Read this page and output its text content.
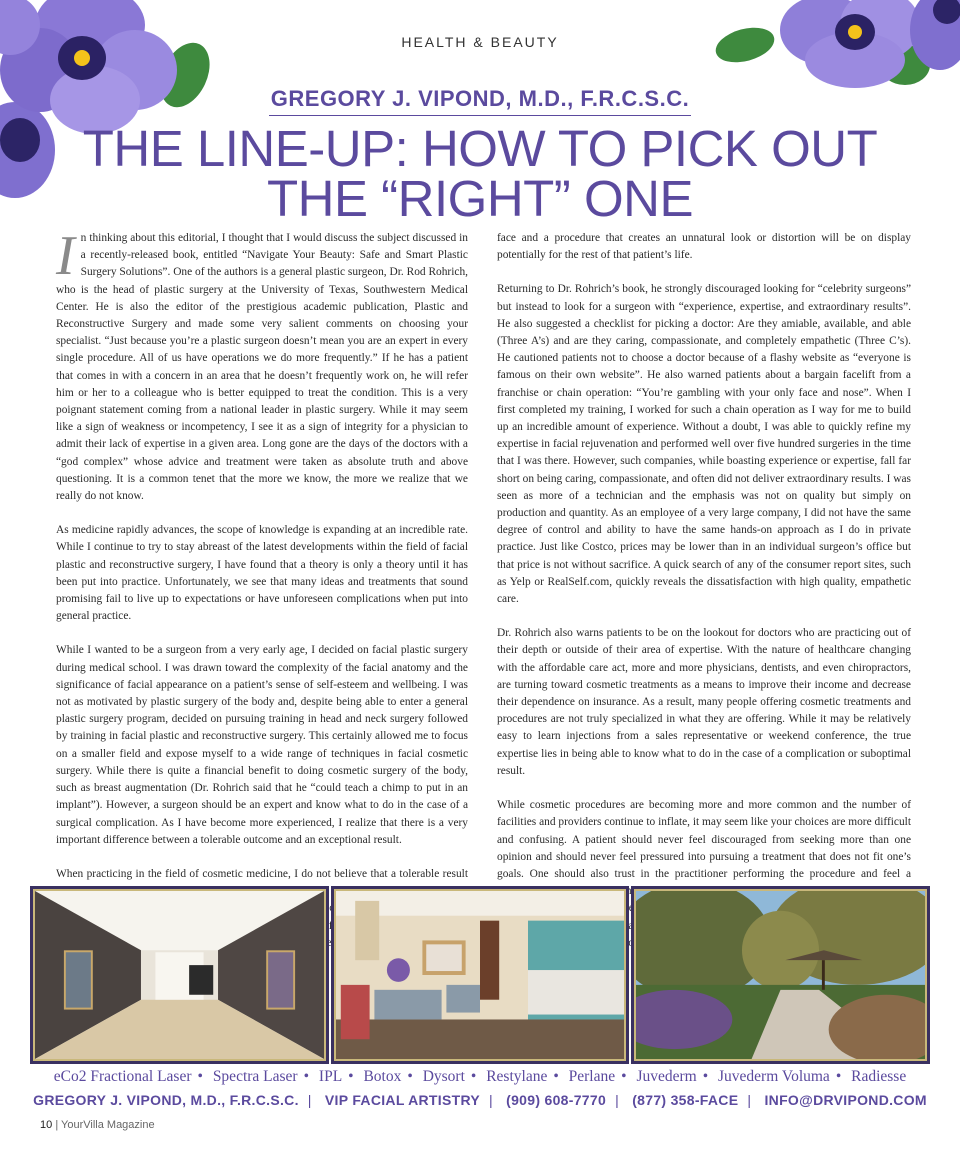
HEALTH & BEAUTY
GREGORY J. VIPOND, M.D., F.R.C.S.C.
THE LINE-UP: HOW TO PICK OUT
THE “RIGHT” ONE

In thinking about this editorial, I thought that I would discuss the subject discussed in a recently-released book, entitled “Navigate Your Beauty: Safe and Smart Plastic Surgery Solutions”. One of the authors is a general plastic surgeon, Dr. Rod Rohrich, who is the head of plastic surgery at the University of Texas, Southwestern Medical Center. He is also the editor of the prestigious academic publication, Plastic and Reconstructive Surgery and made some very salient comments on choosing your specialist. “Just because you’re a plastic surgeon doesn’t mean you are an expert in every single procedure. All of us have operations we do more frequently.” If he has a patient that comes in with a concern in an area that he doesn’t frequently work on, he will refer him or her to a colleague who is better equipped to treat the condition. This is a very poignant statement coming from a national leader in plastic surgery. While it may seem like a sign of weakness or incompetency, I see it as a sign of integrity for a physician to admit their lack of expertise in a given area. Long gone are the days of the doctors with a “god complex” whose advice and treatment were taken as absolute truth and above questioning. It is a common tenet that the more we know, the more we realize that we really do not know.

As medicine rapidly advances, the scope of knowledge is expanding at an incredible rate. While I continue to try to stay abreast of the latest developments within the field of facial plastic and reconstructive surgery, I have found that a theory is only a theory until it has been put into practice. Unfortunately, we see that many ideas and treatments that sound promising fail to live up to expectations or have unforeseen complications when put into general practice.

While I wanted to be a surgeon from a very early age, I decided on facial plastic surgery during medical school. I was drawn toward the complexity of the facial anatomy and the significance of facial appearance on a patient’s sense of self-esteem and wellbeing. I was not as motivated by plastic surgery of the body and, despite being able to enter a general plastic surgery program, decided on pursuing training in head and neck surgery followed by training in facial plastic and reconstructive surgery. This certainly allowed me to focus on a smaller field and expose myself to a wide range of techniques in facial cosmetic surgery. While there is quite a financial benefit to doing cosmetic surgery of the body, such as breast augmentation (Dr. Rohrich said that he “could teach a chimp to put in an implant”). However, a surgeon should be an expert and know what to do in the case of a surgical complication. As I have become more experienced, I realize that there is a very important difference between a tolerable outcome and an exceptional result.

When practicing in the field of cosmetic medicine, I do not believe that a tolerable result

face and a procedure that creates an unnatural look or distortion will be on display potentially for the rest of that patient’s life.

Returning to Dr. Rohrich’s book, he strongly discouraged looking for “celebrity surgeons” but instead to look for a surgeon with “experience, expertise, and extraordinary results”. He also suggested a checklist for picking a doctor: Are they amiable, available, and able (Three A’s) and are they caring, compassionate, and completely empathetic (Three C’s). He cautioned patients not to choose a doctor because of a flashy website as “everyone is famous on their own website”. He also warned patients about a bargain facelift from a franchise or chain operation: “You’re gambling with your only face and nose”. When I first completed my training, I worked for such a chain operation as I way for me to build up an incredible amount of experience. Without a doubt, I was able to quickly refine my expertise in facial rejuvenation and performed well over five hundred surgeries in the time that I was there. However, such companies, while boasting experience or expertise, fall far short on being caring, compassionate, and often did not deliver extraordinary results. I was seen as more of a technician and the emphasis was not on quality but simply on production and quantity. As an employee of a very large company, I did not have the same degree of control and ability to have the same hands-on approach as I do in private practice. Just like Costco, prices may be lower than in an individual surgeon’s office but that price is not without sacrifice. A quick search of any of the consumer report sites, such as Yelp or RealSelf.com, quickly reveals the dissatisfaction with high quality, empathetic care.

Dr. Rohrich also warns patients to be on the lookout for doctors who are practicing out of their depth or outside of their area of expertise. With the nature of healthcare changing with the affordable care act, more and more physicians, dentists, and even chiropractors, are turning toward cosmetic treatments as a means to improve their income and decrease their dependence on insurance. As a result, many people offering cosmetic treatments and procedures are not truly specialized in what they are offering. While it may be relatively easy to learn injections from a sales representative or weekend conference, the true expertise lies in being able to know what to do in the case of a complication or suboptimal result.

While cosmetic procedures are becoming more and more common and the number of facilities and providers continue to inflate, it may seem like your choices are more difficult and confusing. A patient should never feel discouraged from seeking more than one opinion and should never feel pressured into pursuing a treatment that does not fit one’s goals. One should also trust in the practitioner performing the procedure and feel a

eCo2 Fractional Laser • Spectra Laser • IPL • Botox • Dysort • Restylane • Perlane • Juvederm • Juvederm Voluma • Radiesse
GREGORY J. VIPOND, M.D., F.R.C.S.C. | VIP FACIAL ARTISTRY | (909) 608-7770 | (877) 358-FACE | INFO@DRVIPOND.COM
10 | YourVilla Magazine
